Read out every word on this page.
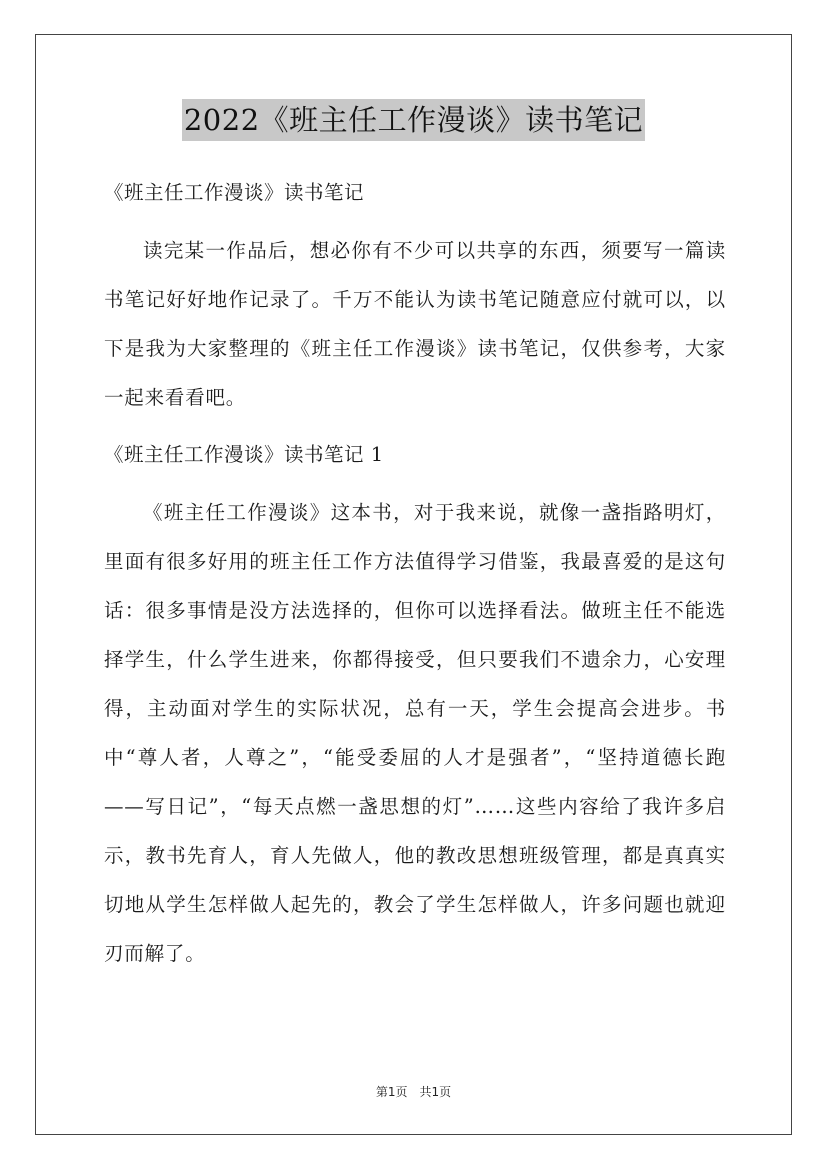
2022《班主任工作漫谈》读书笔记

《班主任工作漫谈》读书笔记

读完某一作品后，想必你有不少可以共享的东西，须要写一篇读书笔记好好地作记录了。千万不能认为读书笔记随意应付就可以，以下是我为大家整理的《班主任工作漫谈》读书笔记，仅供参考，大家一起来看看吧。

《班主任工作漫谈》读书笔记 1

《班主任工作漫谈》这本书，对于我来说，就像一盏指路明灯，里面有很多好用的班主任工作方法值得学习借鉴，我最喜爱的是这句话：很多事情是没方法选择的，但你可以选择看法。做班主任不能选择学生，什么学生进来，你都得接受，但只要我们不遗余力，心安理得，主动面对学生的实际状况，总有一天，学生会提高会进步。书中“尊人者，人尊之”，“能受委屈的人才是强者”，“坚持道德长跑——写日记”，“每天点燃一盏思想的灯”……这些内容给了我许多启示，教书先育人，育人先做人，他的教改思想班级管理，都是真真实切地从学生怎样做人起先的，教会了学生怎样做人，许多问题也就迎刃而解了。

第1页　共1页
